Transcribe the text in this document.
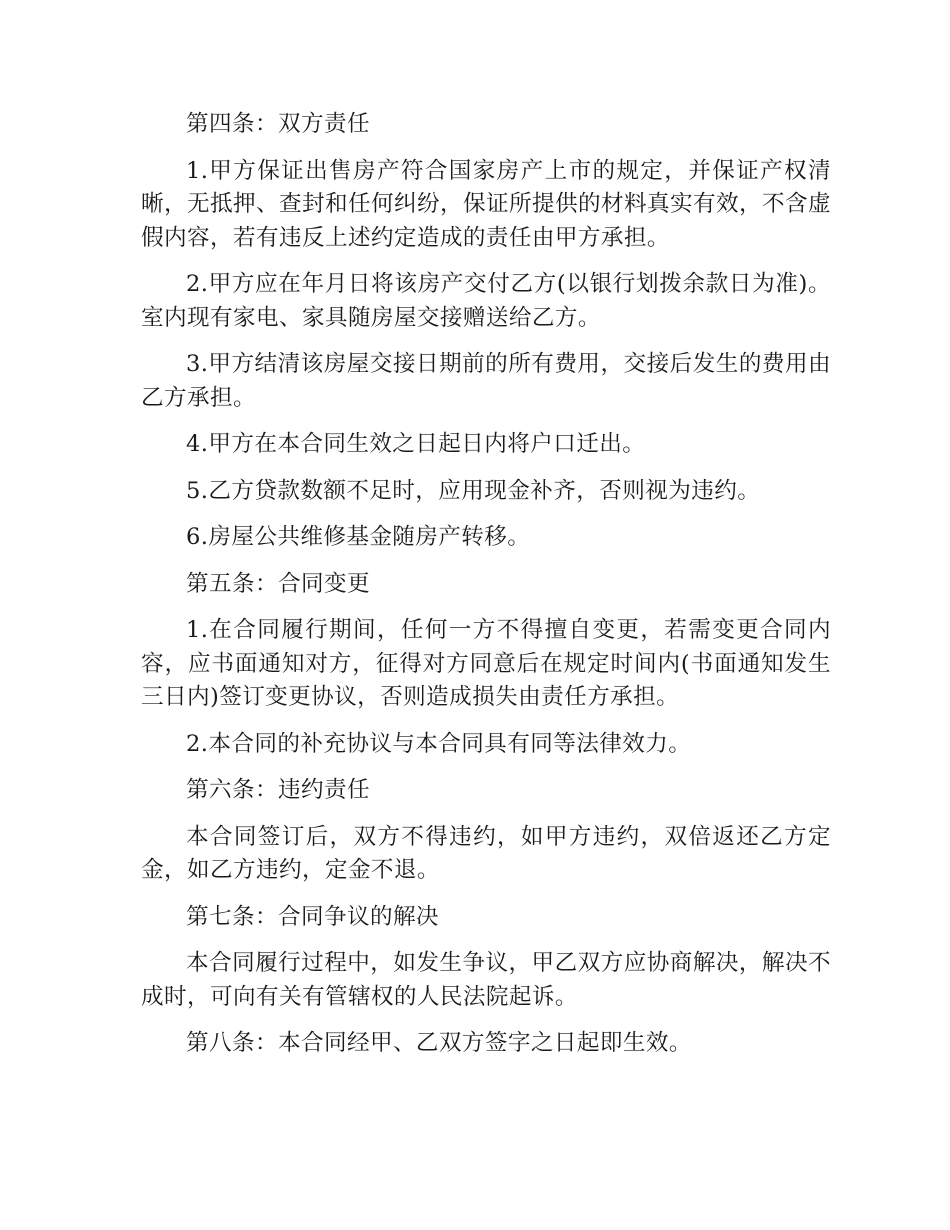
第四条：双方责任

1.甲方保证出售房产符合国家房产上市的规定，并保证产权清晰，无抵押、查封和任何纠纷，保证所提供的材料真实有效，不含虚假内容，若有违反上述约定造成的责任由甲方承担。

2.甲方应在年月日将该房产交付乙方(以银行划拨余款日为准)。室内现有家电、家具随房屋交接赠送给乙方。

3.甲方结清该房屋交接日期前的所有费用，交接后发生的费用由乙方承担。

4.甲方在本合同生效之日起日内将户口迁出。

5.乙方贷款数额不足时，应用现金补齐，否则视为违约。

6.房屋公共维修基金随房产转移。

第五条：合同变更

1.在合同履行期间，任何一方不得擅自变更，若需变更合同内容，应书面通知对方，征得对方同意后在规定时间内(书面通知发生三日内)签订变更协议，否则造成损失由责任方承担。

2.本合同的补充协议与本合同具有同等法律效力。

第六条：违约责任

本合同签订后，双方不得违约，如甲方违约，双倍返还乙方定金，如乙方违约，定金不退。

第七条：合同争议的解决

本合同履行过程中，如发生争议，甲乙双方应协商解决，解决不成时，可向有关有管辖权的人民法院起诉。

第八条：本合同经甲、乙双方签字之日起即生效。
